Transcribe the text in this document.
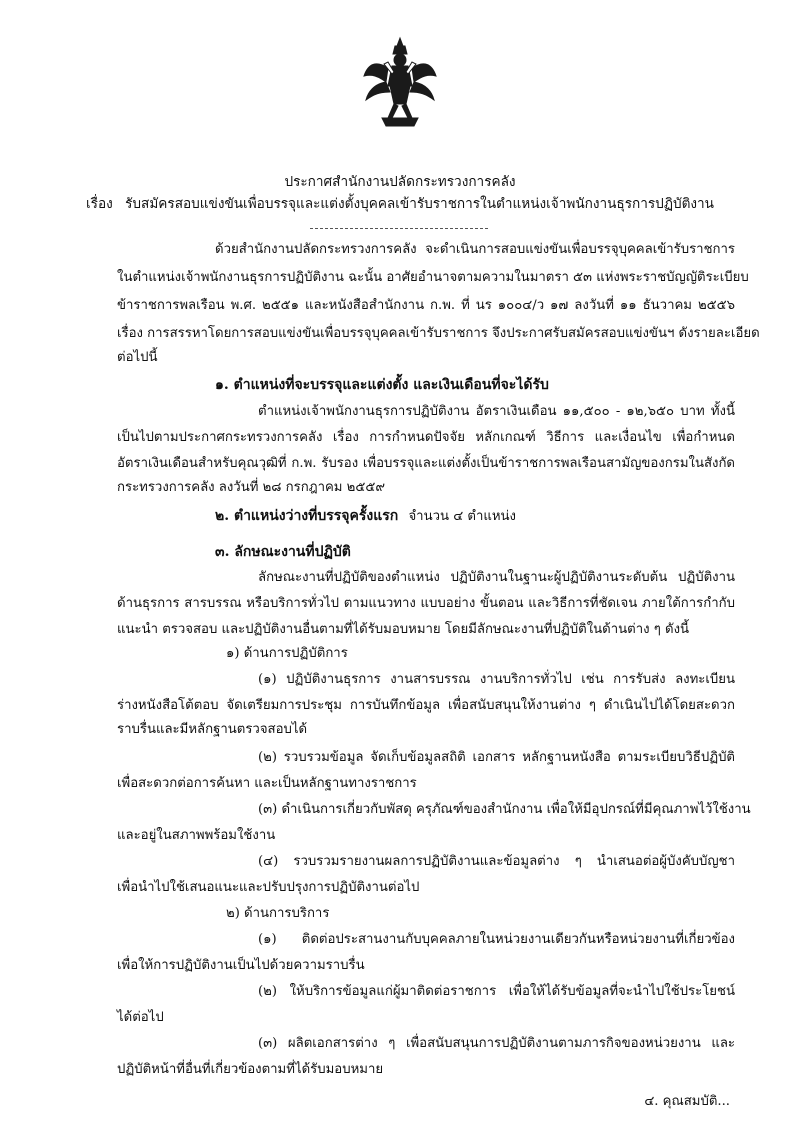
ประกาศสำนักงานปลัดกระทรวงการคลัง
เรื่อง รับสมัครสอบแข่งขันเพื่อบรรจุและแต่งตั้งบุคคลเข้ารับราชการในตำแหน่งเจ้าพนักงานธุรการปฏิบัติงาน
ด้วยสำนักงานปลัดกระทรวงการคลัง จะดำเนินการสอบแข่งขันเพื่อบรรจุบุคคลเข้ารับราชการ
ในตำแหน่งเจ้าพนักงานธุรการปฏิบัติงาน ฉะนั้น อาศัยอำนาจตามความในมาตรา ๕๓ แห่งพระราชบัญญัติระเบียบ
ข้าราชการพลเรือน พ.ศ. ๒๕๕๑ และหนังสือสำนักงาน ก.พ. ที่ นร ๑๐๐๔/ว ๑๗ ลงวันที่ ๑๑ ธันวาคม ๒๕๕๖
เรื่อง การสรรหาโดยการสอบแข่งขันเพื่อบรรจุบุคคลเข้ารับราชการ จึงประกาศรับสมัครสอบแข่งขันฯ ดังรายละเอียด
ต่อไปนี้
๑. ตำแหน่งที่จะบรรจุและแต่งตั้ง และเงินเดือนที่จะได้รับ
ตำแหน่งเจ้าพนักงานธุรการปฏิบัติงาน อัตราเงินเดือน ๑๑,๕๐๐ - ๑๒,๖๕๐ บาท ทั้งนี้
เป็นไปตามประกาศกระทรวงการคลัง เรื่อง การกำหนดปัจจัย หลักเกณฑ์ วิธีการ และเงื่อนไข เพื่อกำหนด
อัตราเงินเดือนสำหรับคุณวุฒิที่ ก.พ. รับรอง เพื่อบรรจุและแต่งตั้งเป็นข้าราชการพลเรือนสามัญของกรมในสังกัด
กระทรวงการคลัง ลงวันที่ ๒๘ กรกฎาคม ๒๕๕๙
๒. ตำแหน่งว่างที่บรรจุครั้งแรก จำนวน ๔ ตำแหน่ง
๓. ลักษณะงานที่ปฏิบัติ
ลักษณะงานที่ปฏิบัติของตำแหน่ง ปฏิบัติงานในฐานะผู้ปฏิบัติงานระดับต้น ปฏิบัติงาน
ด้านธุรการ สารบรรณ หรือบริการทั่วไป ตามแนวทาง แบบอย่าง ขั้นตอน และวิธีการที่ชัดเจน ภายใต้การกำกับ
แนะนำ ตรวจสอบ และปฏิบัติงานอื่นตามที่ได้รับมอบหมาย โดยมีลักษณะงานที่ปฏิบัติในด้านต่าง ๆ ดังนี้
๑) ด้านการปฏิบัติการ
(๑) ปฏิบัติงานธุรการ งานสารบรรณ งานบริการทั่วไป เช่น การรับส่ง ลงทะเบียน
ร่างหนังสือโต้ตอบ จัดเตรียมการประชุม การบันทึกข้อมูล เพื่อสนับสนุนให้งานต่าง ๆ ดำเนินไปได้โดยสะดวก
ราบรื่นและมีหลักฐานตรวจสอบได้
(๒) รวบรวมข้อมูล จัดเก็บข้อมูลสถิติ เอกสาร หลักฐานหนังสือ ตามระเบียบวิธีปฏิบัติ
เพื่อสะดวกต่อการค้นหา และเป็นหลักฐานทางราชการ
(๓) ดำเนินการเกี่ยวกับพัสดุ ครุภัณฑ์ของสำนักงาน เพื่อให้มีอุปกรณ์ที่มีคุณภาพไว้ใช้งาน
และอยู่ในสภาพพร้อมใช้งาน
(๔) รวบรวมรายงานผลการปฏิบัติงานและข้อมูลต่าง ๆ นำเสนอต่อผู้บังคับบัญชา
เพื่อนำไปใช้เสนอแนะและปรับปรุงการปฏิบัติงานต่อไป
๒) ด้านการบริการ
(๑) ติดต่อประสานงานกับบุคคลภายในหน่วยงานเดียวกันหรือหน่วยงานที่เกี่ยวข้อง
เพื่อให้การปฏิบัติงานเป็นไปด้วยความราบรื่น
(๒) ให้บริการข้อมูลแก่ผู้มาติดต่อราชการ เพื่อให้ได้รับข้อมูลที่จะนำไปใช้ประโยชน์
ได้ต่อไป
(๓) ผลิตเอกสารต่าง ๆ เพื่อสนับสนุนการปฏิบัติงานตามภารกิจของหน่วยงาน และ
ปฏิบัติหน้าที่อื่นที่เกี่ยวข้องตามที่ได้รับมอบหมาย
๔. คุณสมบัติ...
